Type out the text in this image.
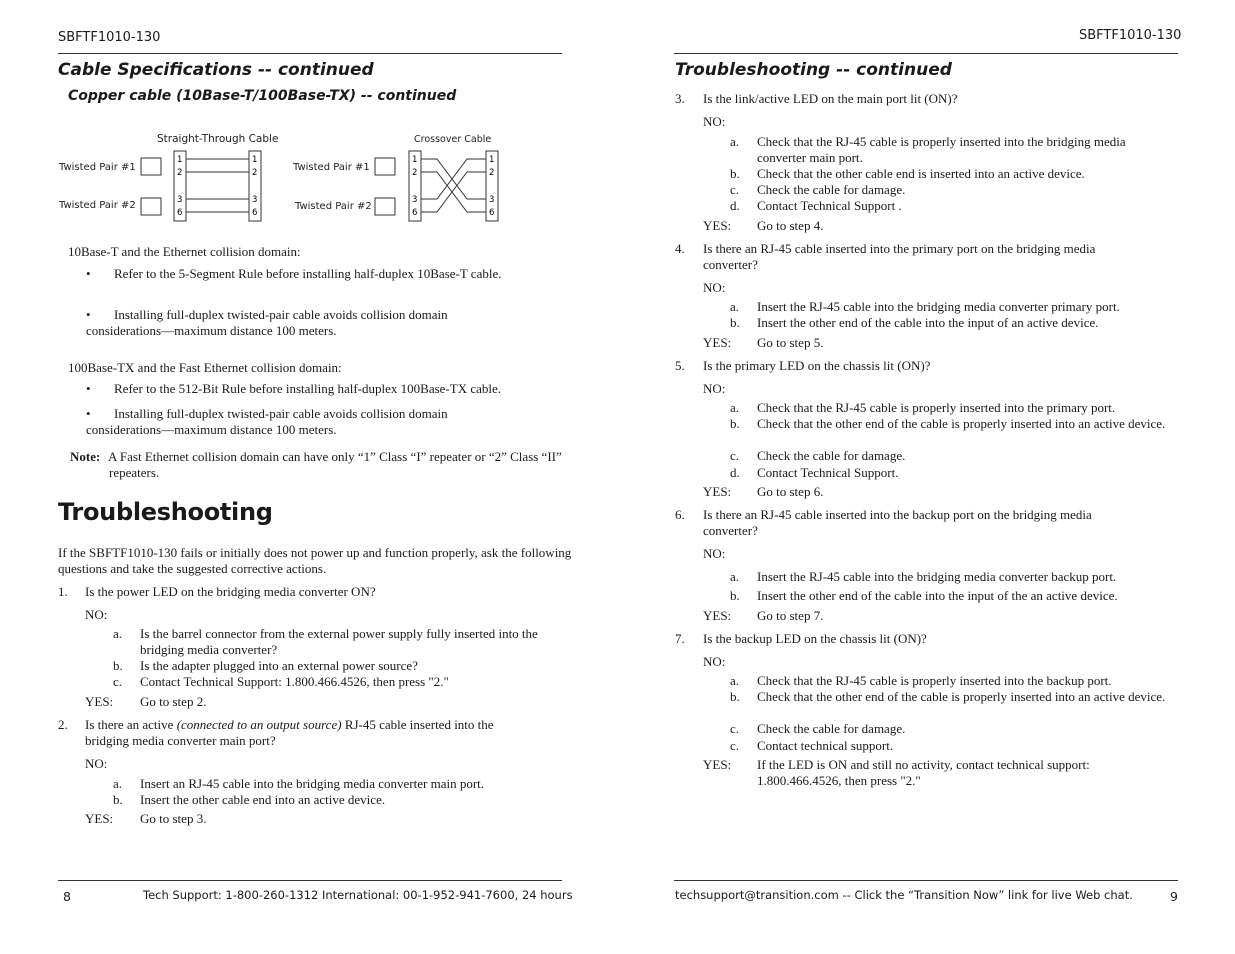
SBFTF1010-130
Cable Specifications -- continued
Copper cable (10Base-T/100Base-TX) -- continued
Straight-Through Cable	Crossover Cable
Twisted Pair #1
Twisted Pair #2
1
2
3
6
1
2
3
6
Twisted Pair #1
Twisted Pair #2
1
2
3
6
1
2
3
6
10Base-T and the Ethernet collision domain:
•	Refer to the 5-Segment Rule before installing half-duplex 10Base-T cable.
•	Installing full-duplex twisted-pair cable avoids collision domain considerations—maximum distance 100 meters.
100Base-TX and the Fast Ethernet collision domain:
• Refer to the 512-Bit Rule before installing half-duplex 100Base-TX cable.
•	Installing full-duplex twisted-pair cable avoids collision domain considerations—maximum distance 100 meters.
Note: A Fast Ethernet collision domain can have only “1” Class “I” repeater or “2” Class “II” repeaters.
Troubleshooting
If the SBFTF1010-130 fails or initially does not power up and function properly, ask the following questions and take the suggested corrective actions.
1. Is the power LED on the bridging media converter ON?
NO:
a. Is the barrel connector from the external power supply fully inserted into the bridging media converter?
b. Is the adapter plugged into an external power source?
c. Contact Technical Support: 1.800.466.4526, then press "2."
YES: Go to step 2.
2. Is there an active (connected to an output source) RJ-45 cable inserted into the bridging media converter main port?
NO:
a. Insert an RJ-45 cable into the bridging media converter main port.
b. Insert the other cable end into an active device.
YES: Go to step 3.
8	Tech Support: 1-800-260-1312 International: 00-1-952-941-7600, 24 hours
SBFTF1010-130
Troubleshooting -- continued
3. Is the link/active LED on the main port lit (ON)?
NO:
a. Check that the RJ-45 cable is properly inserted into the bridging media converter main port.
b. Check that the other cable end is inserted into an active device.
c. Check the cable for damage.
d. Contact Technical Support .
YES: Go to step 4.
4. Is there an RJ-45 cable inserted into the primary port on the bridging media converter?
NO:
a. Insert the RJ-45 cable into the bridging media converter primary port.
b. Insert the other end of the cable into the input of an active device.
YES: Go to step 5.
5. Is the primary LED on the chassis lit (ON)?
NO:
a. Check that the RJ-45 cable is properly inserted into the primary port.
b. Check that the other end of the cable is properly inserted into an active device.
c. Check the cable for damage.
d. Contact Technical Support.
YES: Go to step 6.
6. Is there an RJ-45 cable inserted into the backup port on the bridging media converter?
NO:
a. Insert the RJ-45 cable into the bridging media converter backup port.
b. Insert the other end of the cable into the input of the an active device.
YES: Go to step 7.
7. Is the backup LED on the chassis lit (ON)?
NO:
a. Check that the RJ-45 cable is properly inserted into the backup port.
b. Check that the other end of the cable is properly inserted into an active device.
c. Check the cable for damage.
c. Contact technical support.
YES: If the LED is ON and still no activity, contact technical support: 1.800.466.4526, then press "2."
techsupport@transition.com -- Click the “Transition Now” link for live Web chat.	9
